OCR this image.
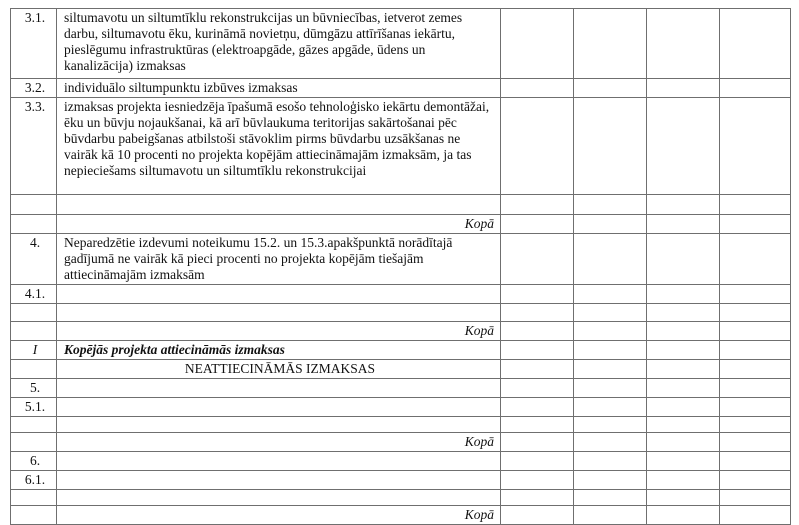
3.1.	siltumavotu un siltumtīklu rekonstrukcijas un būvniecības, ietverot zemes darbu, siltumavotu ēku, kurināmā novietņu, dūmgāzu attīrīšanas iekārtu, pieslēgumu infrastruktūras (elektroapgāde, gāzes apgāde, ūdens un kanalizācija) izmaksas				
3.2.	individuālo siltumpunktu izbūves izmaksas				
3.3.	izmaksas projekta iesniedzēja īpašumā esošo tehnoloģisko iekārtu demontāžai, ēku un būvju nojaukšanai, kā arī būvlaukuma teritorijas sakārtošanai pēc būvdarbu pabeigšanas atbilstoši stāvoklim pirms būvdarbu uzsākšanas ne vairāk kā 10 procenti no projekta kopējām attiecināmajām izmaksām, ja tas nepieciešams siltumavotu un siltumtīklu rekonstrukcijai				

	Kopā				
4.	Neparedzētie izdevumi noteikumu 15.2. un 15.3.apakšpunktā norādītajā gadījumā ne vairāk kā pieci procenti no projekta kopējām tiešajām attiecināmajām izmaksām				
4.1.					

	Kopā				
I	Kopējās projekta attiecināmās izmaksas				
	NEATTIECINĀMĀS IZMAKSAS				
5.					
5.1.					

	Kopā				
6.					
6.1.					

	Kopā				
